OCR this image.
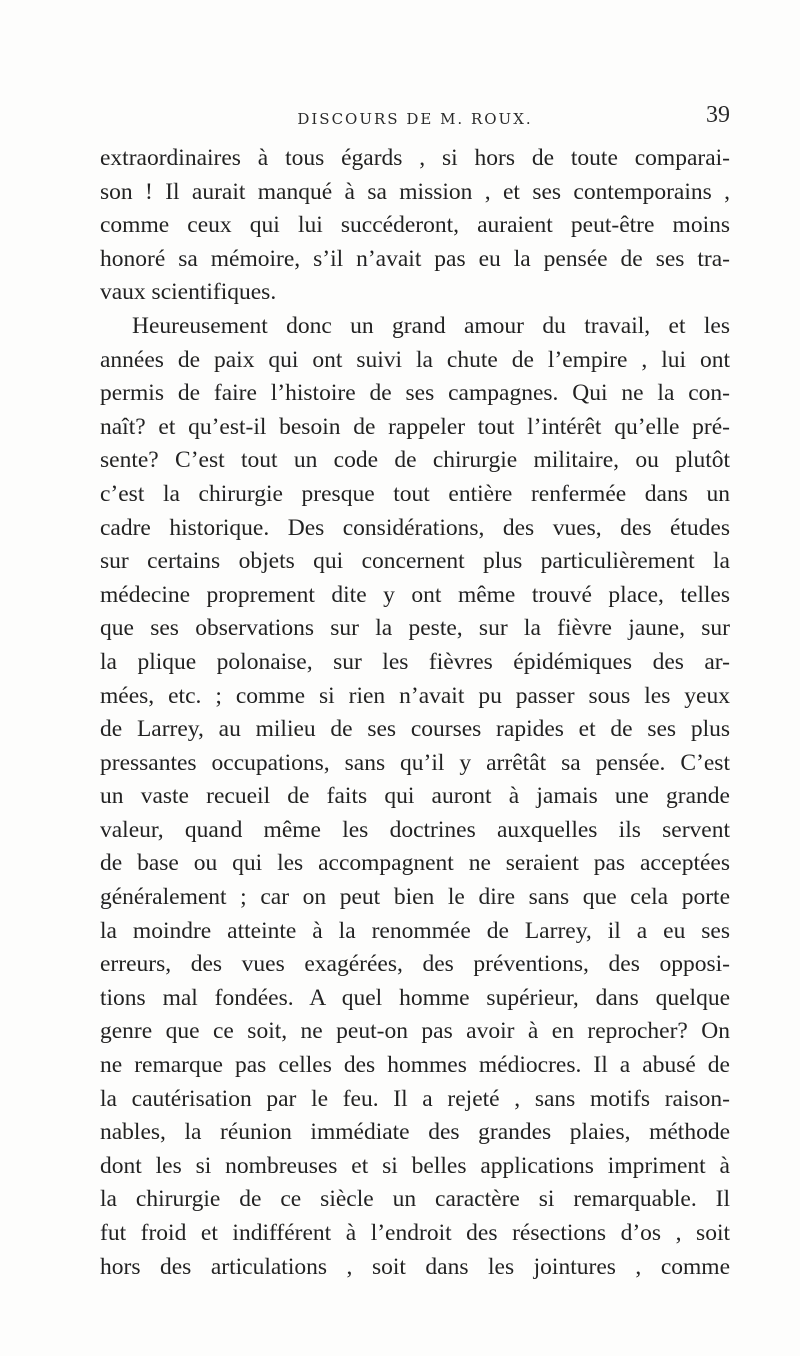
DISCOURS DE M. ROUX.	39
extraordinaires à tous égards , si hors de toute comparai-
son ! Il aurait manqué à sa mission , et ses contemporains ,
comme ceux qui lui succéderont, auraient peut-être moins
honoré sa mémoire, s’il n’avait pas eu la pensée de ses tra-
vaux scientifiques.
Heureusement donc un grand amour du travail, et les
années de paix qui ont suivi la chute de l’empire , lui ont
permis de faire l’histoire de ses campagnes. Qui ne la con-
naît? et qu’est-il besoin de rappeler tout l’intérêt qu’elle pré-
sente? C’est tout un code de chirurgie militaire, ou plutôt
c’est la chirurgie presque tout entière renfermée dans un
cadre historique. Des considérations, des vues, des études
sur certains objets qui concernent plus particulièrement la
médecine proprement dite y ont même trouvé place, telles
que ses observations sur la peste, sur la fièvre jaune, sur
la plique polonaise, sur les fièvres épidémiques des ar-
mées, etc. ; comme si rien n’avait pu passer sous les yeux
de Larrey, au milieu de ses courses rapides et de ses plus
pressantes occupations, sans qu’il y arrêtât sa pensée. C’est
un vaste recueil de faits qui auront à jamais une grande
valeur, quand même les doctrines auxquelles ils servent
de base ou qui les accompagnent ne seraient pas acceptées
généralement ; car on peut bien le dire sans que cela porte
la moindre atteinte à la renommée de Larrey, il a eu ses
erreurs, des vues exagérées, des préventions, des opposi-
tions mal fondées. A quel homme supérieur, dans quelque
genre que ce soit, ne peut-on pas avoir à en reprocher? On
ne remarque pas celles des hommes médiocres. Il a abusé de
la cautérisation par le feu. Il a rejeté , sans motifs raison-
nables, la réunion immédiate des grandes plaies, méthode
dont les si nombreuses et si belles applications impriment à
la chirurgie de ce siècle un caractère si remarquable. Il
fut froid et indifférent à l’endroit des résections d’os , soit
hors des articulations , soit dans les jointures , comme
